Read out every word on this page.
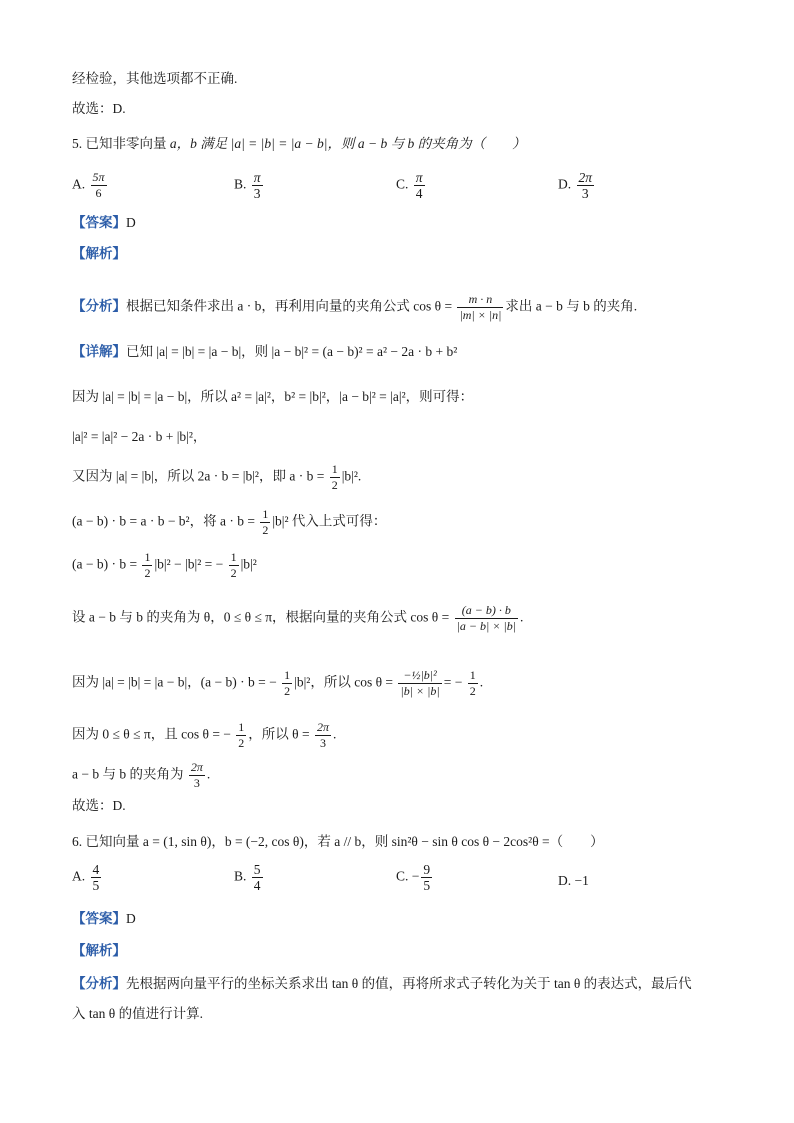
经检验，其他选项都不正确.
故选：D.
5. 已知非零向量 a，b 满足 |a| = |b| = |a − b|，则 a − b 与 b 的夹角为（　　）
A. $\frac{5\pi}{6}$	B. $\frac{\pi}{3}$	C. $\frac{\pi}{4}$	D. $\frac{2\pi}{3}$
【答案】D
【解析】
【分析】根据已知条件求出 a · b，再利用向量的夹角公式 $\cos \theta = \frac{m \cdot n}{|m| \times |n|}$ 求出 a − b 与 b 的夹角.
【详解】已知 |a| = |b| = |a − b|，则 |a − b|² = (a − b)² = a² − 2a · b + b²
因为 |a| = |b| = |a − b|，所以 a² = |a|²，b² = |b|²，|a − b|² = |a|²，则可得：
|a|² = |a|² − 2a · b + |b|²，
又因为 |a| = |b|，所以 2a · b = |b|²，即 $a \cdot b = \frac{1}{2} |b|^2$.
(a − b) · b = a · b − b²，将 $a \cdot b = \frac{1}{2} |b|^2$ 代入上式可得：
$(a - b) \cdot b = \frac{1}{2} |b|^2 - |b|^2$ = − $\frac{1}{2} |b|^2$
设 a − b 与 b 的夹角为 θ，0 ≤ θ ≤ π，根据向量的夹角公式 $\cos \theta = \frac{(a - b) \cdot b}{|a - b| \times |b|}$ .
因为 |a| = |b| = |a − b|，(a − b) · b = − $\frac{1}{2} |b|^2$，所以 $\cos \theta = \frac{\text{−½|b|²}}{|b| \times |b|}$ = − $\frac{1}{2}$ .
因为 0 ≤ θ ≤ π，且 cos θ = − $\frac{1}{2}$ ，所以 $\theta = \frac{2\pi}{3}$ .
a − b 与 b 的夹角为 $\frac{2\pi}{3}$ .
故选：D.
6. 已知向量 a = (1, sin θ)，b = (−2, cos θ)，若 a // b，则 sin²θ − sin θ cos θ − 2cos²θ =（　　）
A. $\frac{4}{5}$	B. $\frac{5}{4}$	C. − $\frac{9}{5}$	D. −1
【答案】D
【解析】
【分析】先根据两向量平行的坐标关系求出 tan θ 的值，再将所求式子转化为关于 tan θ 的表达式，最后代
入 tan θ 的值进行计算.
